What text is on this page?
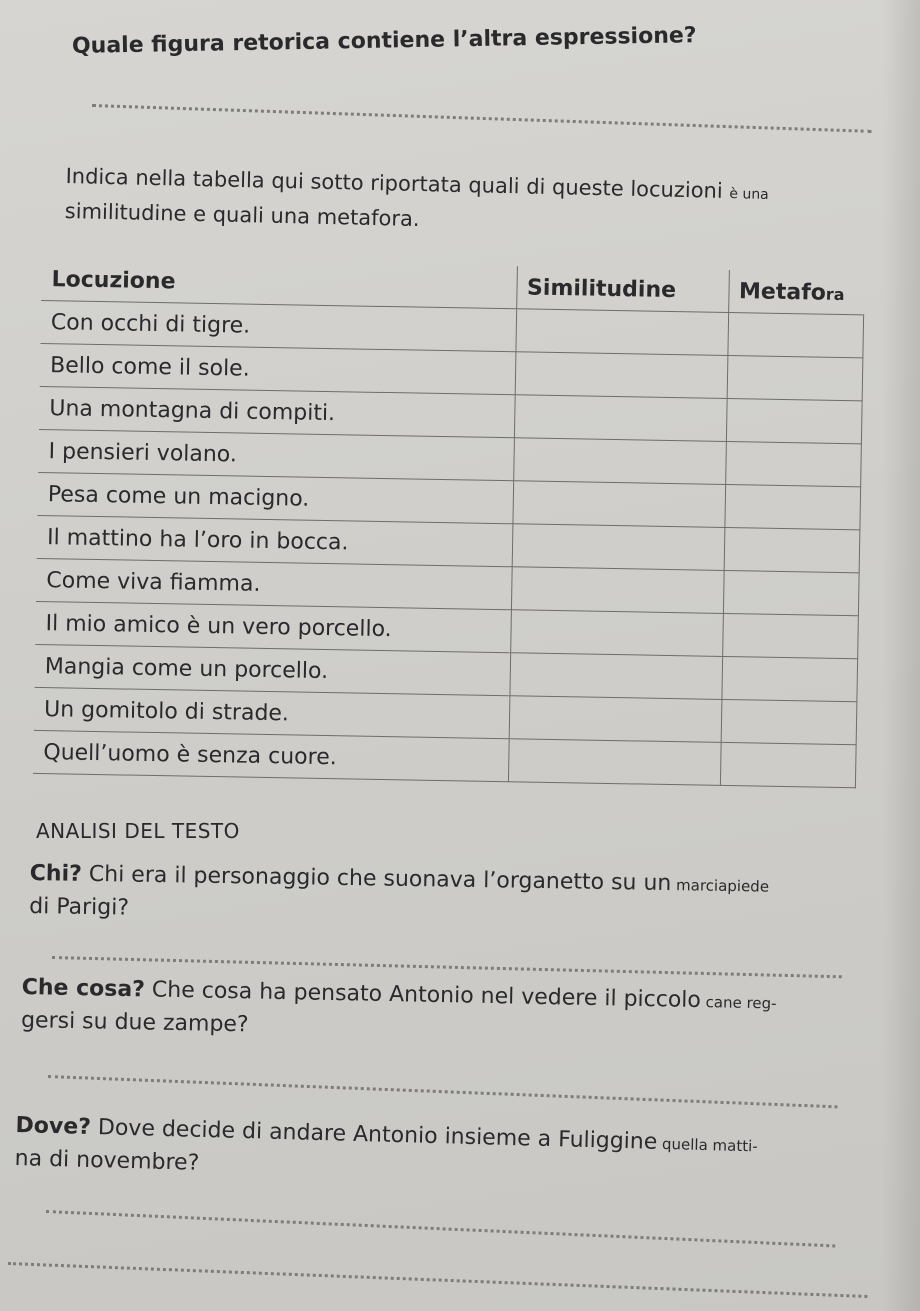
Quale figura retorica contiene l’altra espressione?
Indica nella tabella qui sotto riportata quali di queste locuzioni è una
similitudine e quali una metafora.
Locuzione	Similitudine	Metafora
Con occhi di tigre.		
Bello come il sole.		
Una montagna di compiti.		
I pensieri volano.		
Pesa come un macigno.		
Il mattino ha l’oro in bocca.		
Come viva fiamma.		
Il mio amico è un vero porcello.		
Mangia come un porcello.		
Un gomitolo di strade.		
Quell’uomo è senza cuore.		
ANALISI DEL TESTO
Chi? Chi era il personaggio che suonava l’organetto su un marciapiede
di Parigi?
Che cosa? Che cosa ha pensato Antonio nel vedere il piccolo cane reg-
gersi su due zampe?
Dove? Dove decide di andare Antonio insieme a Fuliggine quella matti-
na di novembre?
